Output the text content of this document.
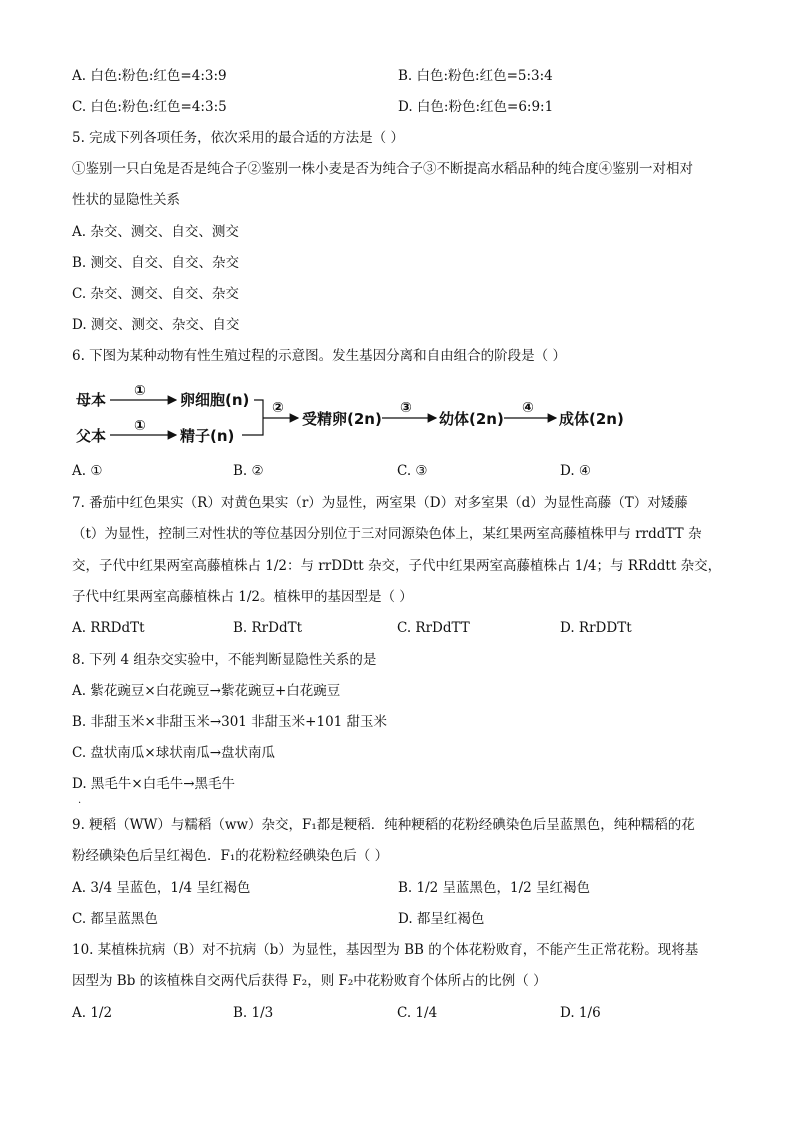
A. 白色:粉色:红色=4:3:9	B. 白色:粉色:红色=5:3:4
C. 白色:粉色:红色=4:3:5	D. 白色:粉色:红色=6:9:1
5. 完成下列各项任务，依次采用的最合适的方法是（ ）
①鉴别一只白兔是否是纯合子②鉴别一株小麦是否为纯合子③不断提高水稻品种的纯合度④鉴别一对相对
性状的显隐性关系
A. 杂交、测交、自交、测交
B. 测交、自交、自交、杂交
C. 杂交、测交、自交、杂交
D. 测交、测交、杂交、自交
6. 下图为某种动物有性生殖过程的示意图。发生基因分离和自由组合的阶段是（ ）
母本
父本
①
①
卵细胞(n)
精子(n)
②
受精卵(2n)
③
幼体(2n)
④
成体(2n)
A. ①	B. ②	C. ③	D. ④
7. 番茄中红色果实（R）对黄色果实（r）为显性，两室果（D）对多室果（d）为显性高藤（T）对矮藤
（t）为显性，控制三对性状的等位基因分别位于三对同源染色体上，某红果两室高藤植株甲与 rrddTT 杂
交，子代中红果两室高藤植株占 1/2：与 rrDDtt 杂交，子代中红果两室高藤植株占 1/4；与 RRddtt 杂交，
子代中红果两室高藤植株占 1/2。植株甲的基因型是（ ）
A. RRDdTt	B. RrDdTt	C. RrDdTT	D. RrDDTt
8. 下列 4 组杂交实验中，不能判断显隐性关系的是
A. 紫花豌豆×白花豌豆→紫花豌豆+白花豌豆
B. 非甜玉米×非甜玉米→301 非甜玉米+101 甜玉米
C. 盘状南瓜×球状南瓜→盘状南瓜
D. 黑毛牛×白毛牛→黑毛牛
.
9. 粳稻（WW）与糯稻（ww）杂交，F₁都是粳稻．纯种粳稻的花粉经碘染色后呈蓝黑色，纯种糯稻的花
粉经碘染色后呈红褐色．F₁的花粉粒经碘染色后（ ）
A. 3/4 呈蓝色，1/4 呈红褐色	B. 1/2 呈蓝黑色，1/2 呈红褐色
C. 都呈蓝黑色	D. 都呈红褐色
10. 某植株抗病（B）对不抗病（b）为显性，基因型为 BB 的个体花粉败育，不能产生正常花粉。现将基
因型为 Bb 的该植株自交两代后获得 F₂，则 F₂中花粉败育个体所占的比例（ ）
A. 1/2	B. 1/3	C. 1/4	D. 1/6
